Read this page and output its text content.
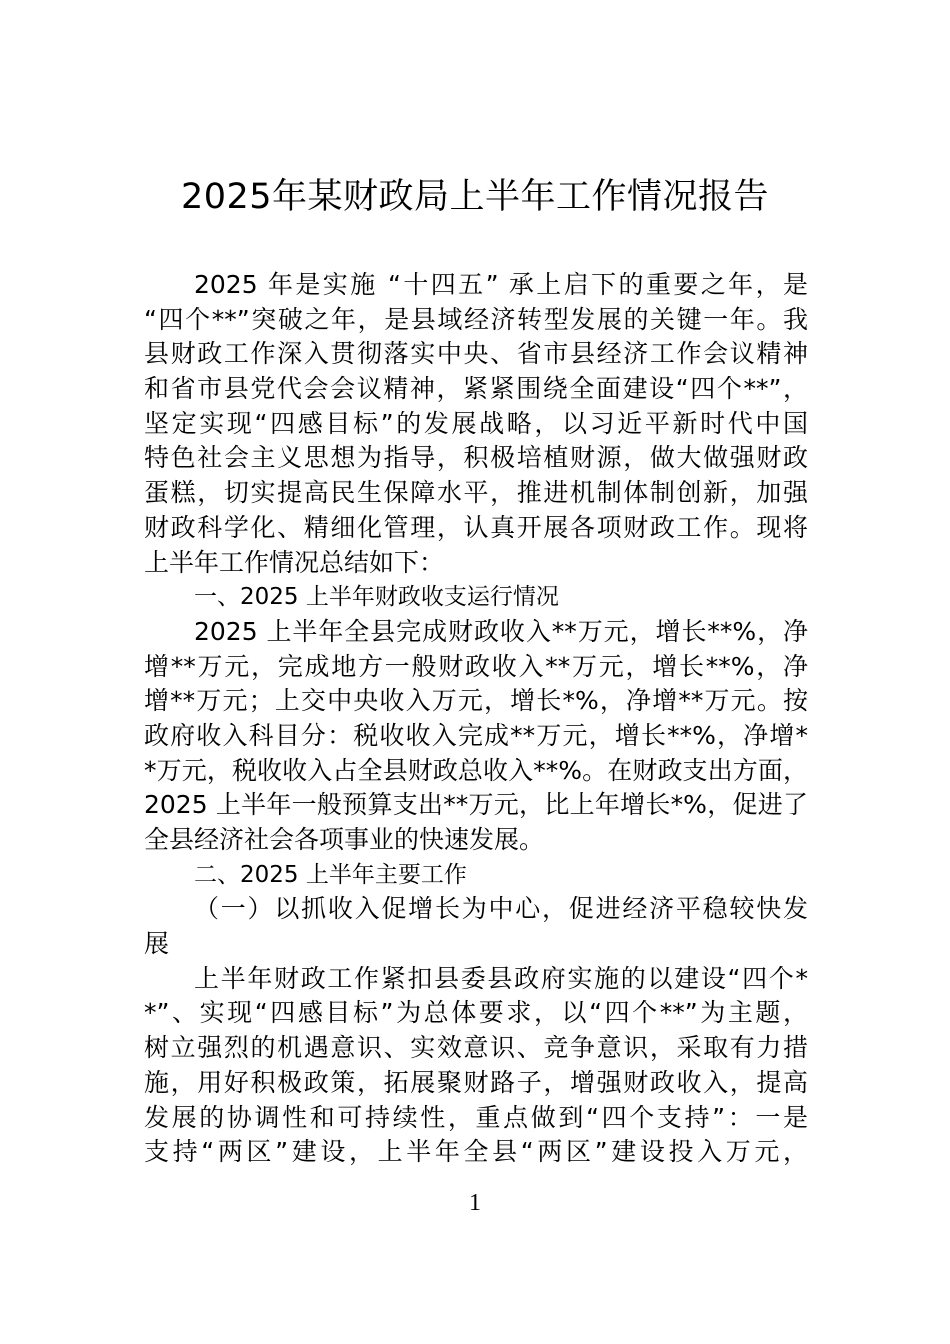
2025年某财政局上半年工作情况报告
2025 年是实施 “十四五” 承上启下的重要之年，是
“四个**”突破之年，是县域经济转型发展的关键一年。我
县财政工作深入贯彻落实中央、省市县经济工作会议精神
和省市县党代会会议精神，紧紧围绕全面建设“四个**”，
坚定实现“四感目标”的发展战略，以习近平新时代中国
特色社会主义思想为指导，积极培植财源，做大做强财政
蛋糕，切实提高民生保障水平，推进机制体制创新，加强
财政科学化、精细化管理，认真开展各项财政工作。现将
上半年工作情况总结如下：
一、2025 上半年财政收支运行情况
2025 上半年全县完成财政收入**万元，增长**%，净
增**万元，完成地方一般财政收入**万元，增长**%，净
增**万元；上交中央收入万元，增长*%，净增**万元。按
政府收入科目分：税收收入完成**万元，增长**%，净增*
*万元，税收收入占全县财政总收入**%。在财政支出方面，
2025 上半年一般预算支出**万元，比上年增长*%，促进了
全县经济社会各项事业的快速发展。
二、2025 上半年主要工作
（一）以抓收入促增长为中心，促进经济平稳较快发
展
上半年财政工作紧扣县委县政府实施的以建设“四个*
*”、实现“四感目标”为总体要求，以“四个**”为主题，
树立强烈的机遇意识、实效意识、竞争意识，采取有力措
施，用好积极政策，拓展聚财路子，增强财政收入，提高
发展的协调性和可持续性，重点做到“四个支持”：一是
支持“两区”建设，上半年全县“两区”建设投入万元，
1
